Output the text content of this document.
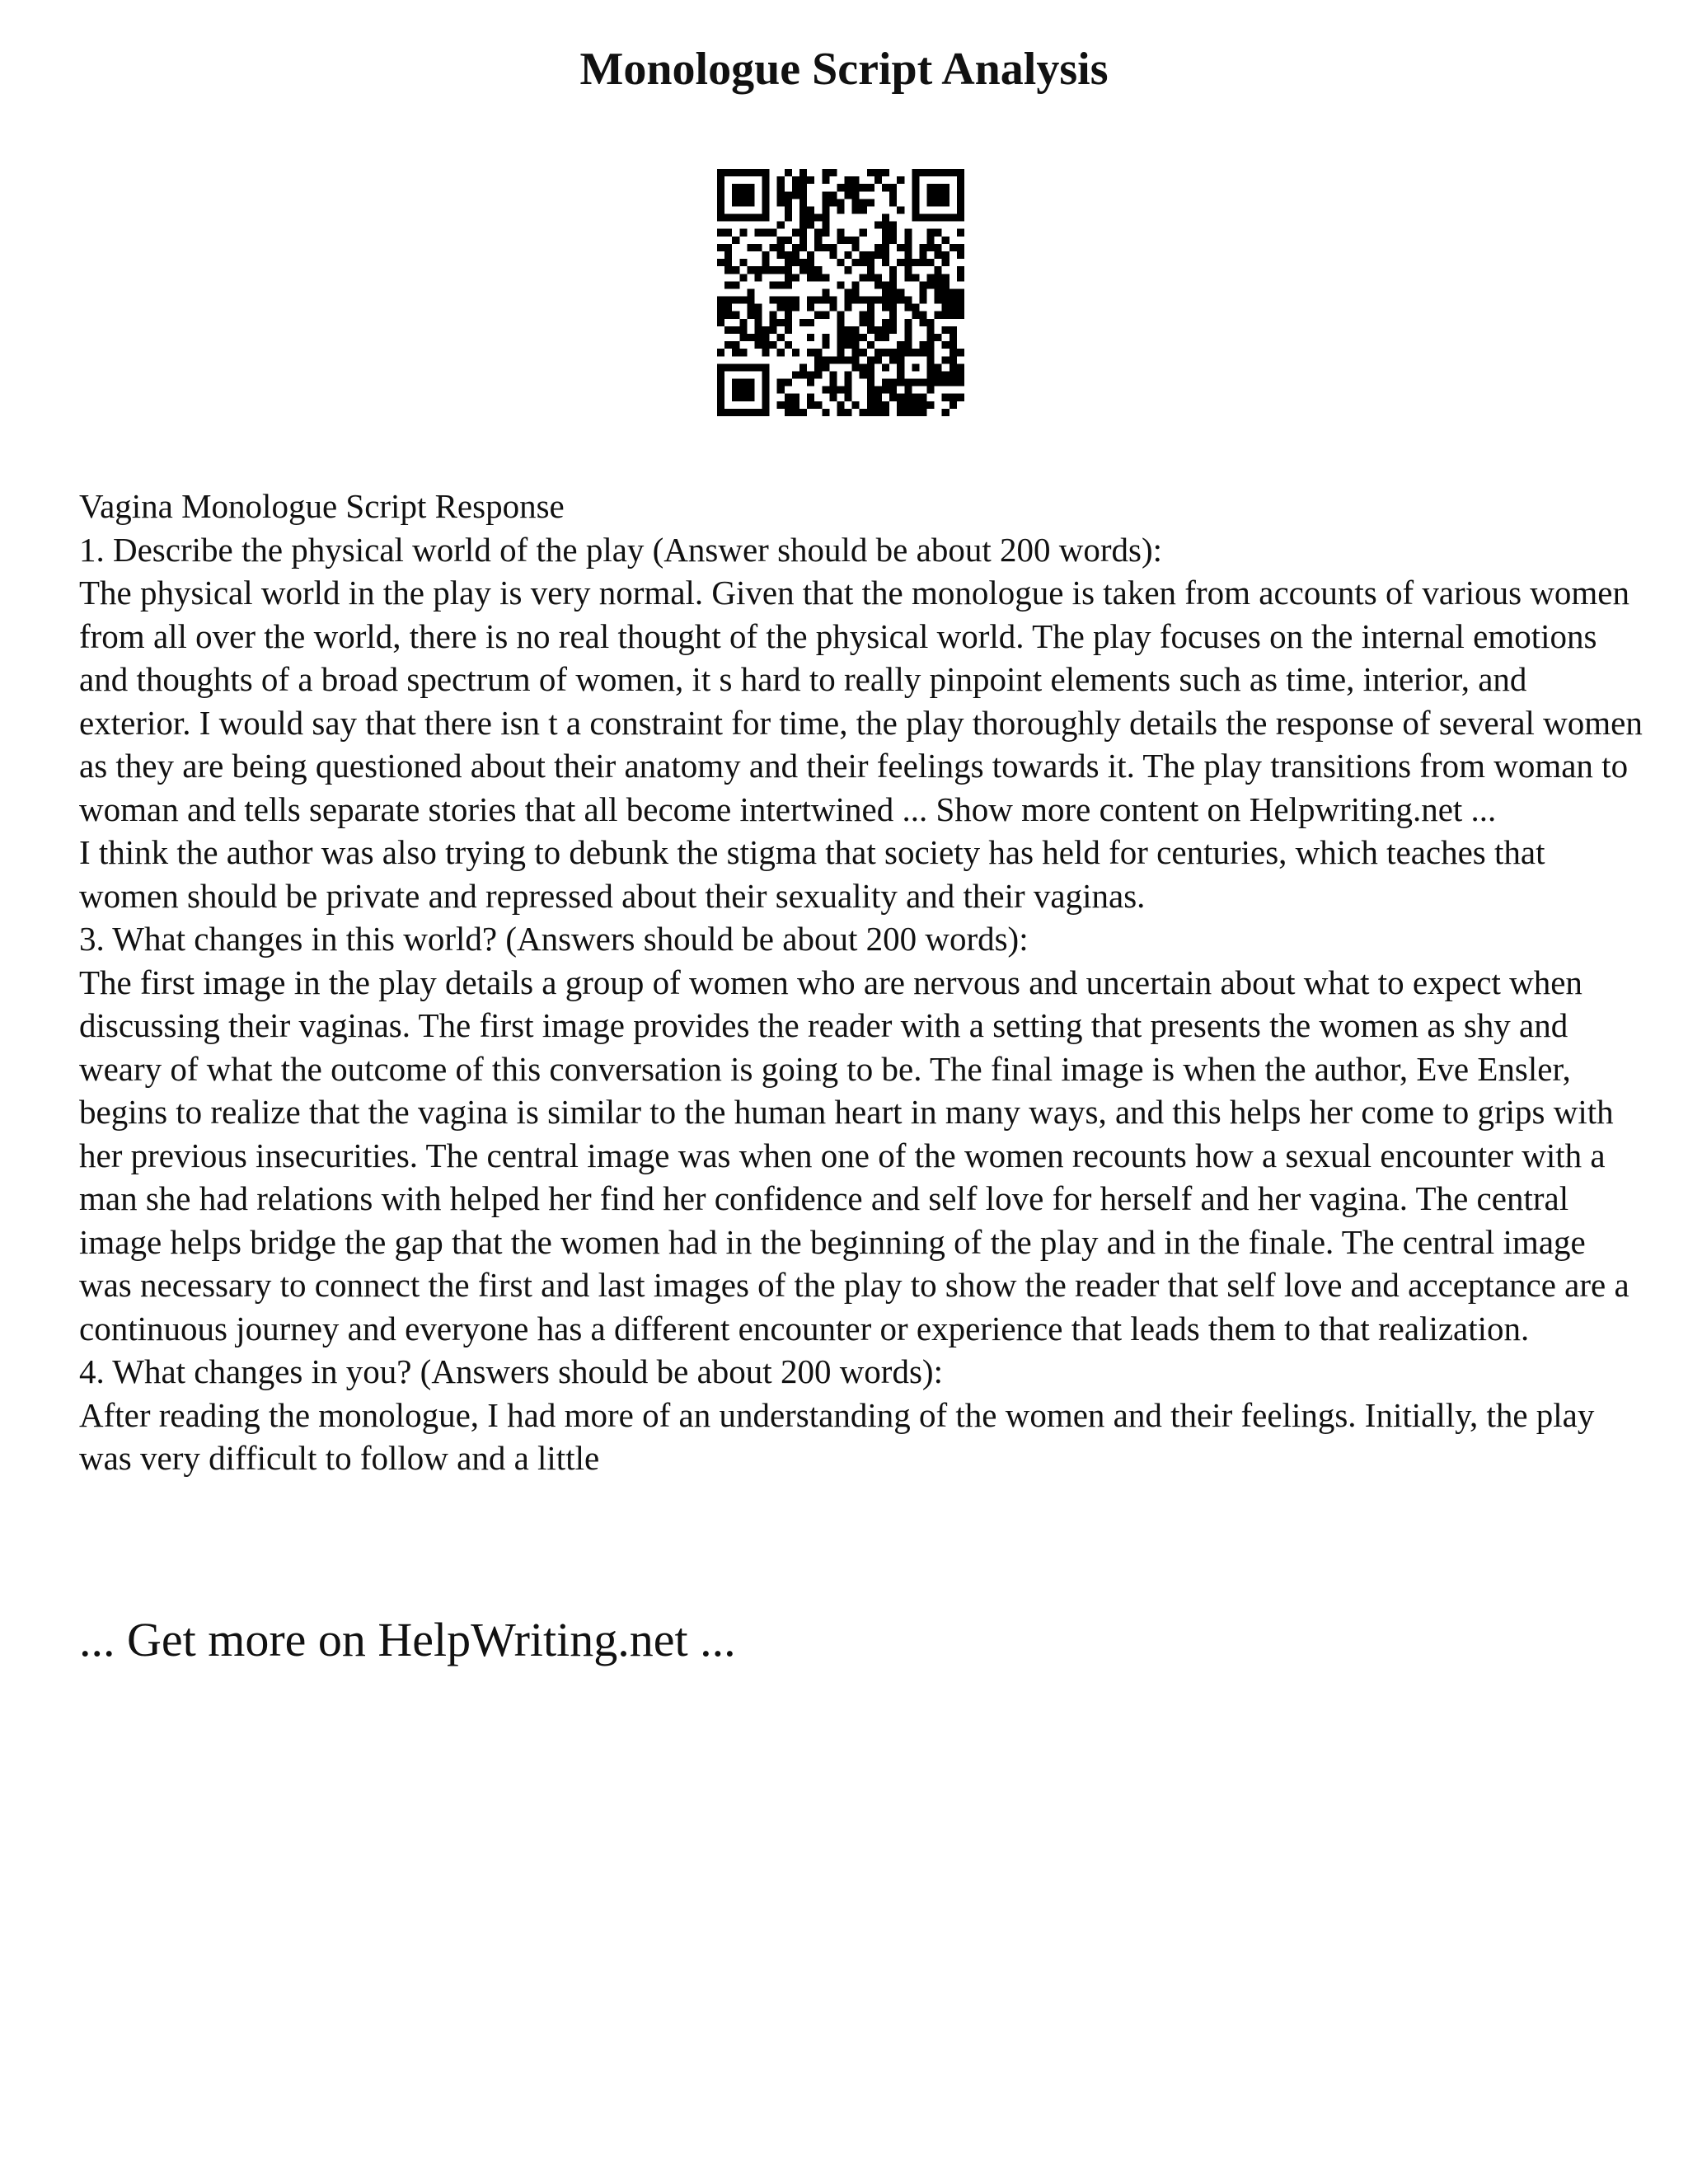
Monologue Script Analysis

Vagina Monologue Script Response

1. Describe the physical world of the play (Answer should be about 200 words):

The physical world in the play is very normal. Given that the monologue is taken from accounts of various women from all over the world, there is no real thought of the physical world. The play focuses on the internal emotions and thoughts of a broad spectrum of women, it s hard to really pinpoint elements such as time, interior, and exterior. I would say that there isn t a constraint for time, the play thoroughly details the response of several women as they are being questioned about their anatomy and their feelings towards it. The play transitions from woman to woman and tells separate stories that all become intertwined ... Show more content on Helpwriting.net ...

I think the author was also trying to debunk the stigma that society has held for centuries, which teaches that women should be private and repressed about their sexuality and their vaginas.

3. What changes in this world? (Answers should be about 200 words):

The first image in the play details a group of women who are nervous and uncertain about what to expect when discussing their vaginas. The first image provides the reader with a setting that presents the women as shy and weary of what the outcome of this conversation is going to be. The final image is when the author, Eve Ensler, begins to realize that the vagina is similar to the human heart in many ways, and this helps her come to grips with her previous insecurities. The central image was when one of the women recounts how a sexual encounter with a man she had relations with helped her find her confidence and self love for herself and her vagina. The central image helps bridge the gap that the women had in the beginning of the play and in the finale. The central image was necessary to connect the first and last images of the play to show the reader that self love and acceptance are a continuous journey and everyone has a different encounter or experience that leads them to that realization.

4. What changes in you? (Answers should be about 200 words):

After reading the monologue, I had more of an understanding of the women and their feelings. Initially, the play was very difficult to follow and a little

... Get more on HelpWriting.net ...
